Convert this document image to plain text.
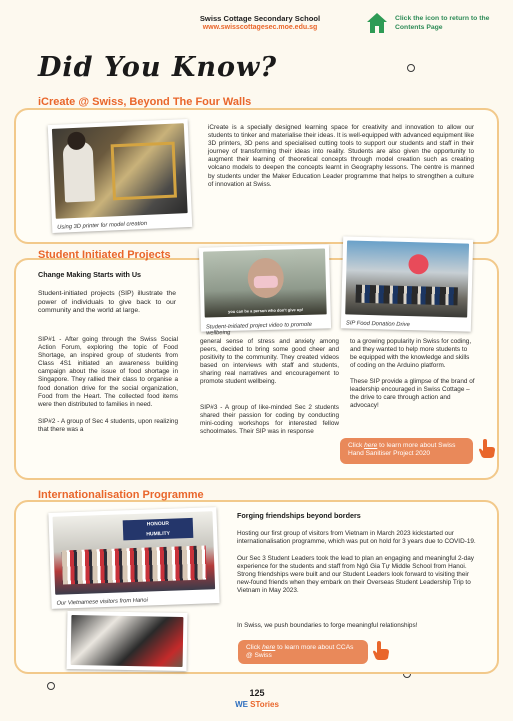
Swiss Cottage Secondary School
www.swisscottagesec.moe.edu.sg
Click the icon to return to the Contents Page
Did You Know?
iCreate @ Swiss, Beyond The Four Walls
Using 3D printer for model creation
iCreate is a specially designed learning space for creativity and innovation to allow our students to tinker and materialise their ideas. It is well-equipped with advanced equipment like 3D printers, 3D pens and specialised cutting tools to support our students and staff in their journey of transforming their ideas into reality. Students are also given the opportunity to augment their learning of theoretical concepts through model creation such as creating volcano models to deepen the concepts learnt in Geography lessons. The centre is manned by students under the Maker Education Leader programme that helps to strengthen a culture of innovation at Swiss.
Student Initiated Projects
Change Making Starts with Us
Student-initiated projects (SIP) illustrate the power of individuals to give back to our community and the world at large.
SIP#1 - After going through the Swiss Social Action Forum, exploring the topic of Food Shortage, an inspired group of students from Class 4S1 initiated an awareness building campaign about the issue of food shortage in Singapore. They rallied their class to organise a food donation drive for the social organization, Food from the Heart. The collected food items were then distributed to families in need.
SIP#2 - A group of Sec 4 students, upon realizing that there was a
you can be a person who don't give up!
Student-Initiated project video to promote wellbeing
SIP Food Donation Drive
general sense of stress and anxiety among peers, decided to bring some good cheer and positivity to the community. They created videos based on interviews with staff and students, sharing real narratives and encouragement to promote student wellbeing.
SIP#3 - A group of like-minded Sec 2 students shared their passion for coding by conducting mini-coding workshops for interested fellow schoolmates. Their SIP was in response
to a growing popularity in Swiss for coding, and they wanted to help more students to be equipped with the knowledge and skills of coding on the Arduino platform.
These SIP provide a glimpse of the brand of leadership encouraged in Swiss Cottage – the drive to care through action and advocacy!
Click here to learn more about Swiss Hand Sanitiser Project 2020
Internationalisation Programme
HONOUR
HUMILITY
Our Vietnamese visitors from Hanoi
Forging friendships beyond borders
Hosting our first group of visitors from Vietnam in March 2023 kickstarted our internationalisation programme, which was put on hold for 3 years due to COVID-19.
Our Sec 3 Student Leaders took the lead to plan an engaging and meaningful 2-day experience for the students and staff from Ngô Gia Tự Middle School from Hanoi. Strong friendships were built and our Student Leaders look forward to visiting their new-found friends when they embark on their Overseas Student Leadership Trip to Vietnam in May 2023.
In Swiss, we push boundaries to forge meaningful relationships!
Click here to learn more about CCAs @ Swiss
125
WE STories
